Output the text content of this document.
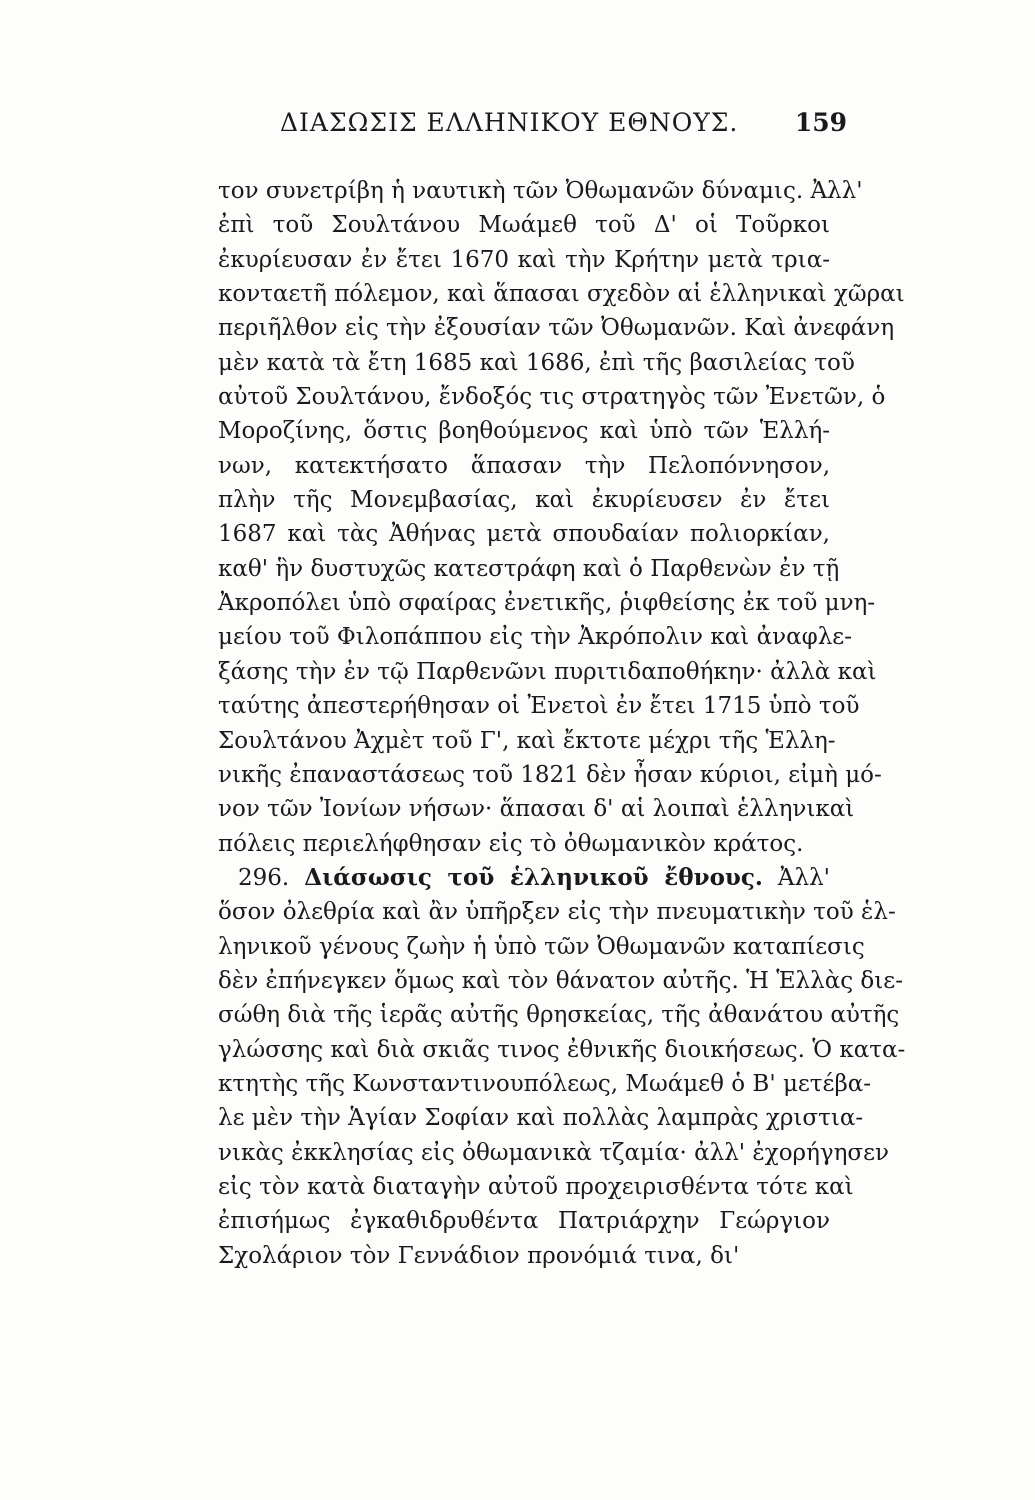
ΔΙΑΣΩΣΙΣ ΕΛΛΗΝΙΚΟΥ ΕΘΝΟΥΣ.	159
τον συνετρίβη ἡ ναυτικὴ τῶν Ὀθωμανῶν δύναμις. Ἀλλ'
ἐπὶ τοῦ Σουλτάνου Μωάμεθ τοῦ Δ' οἱ Τοῦρκοι
ἐκυρίευσαν ἐν ἔτει 1670 καὶ τὴν Κρήτην μετὰ τρια-
κονταετῆ πόλεμον, καὶ ἅπασαι σχεδὸν αἱ ἑλληνικαὶ χῶραι
περιῆλθον εἰς τὴν ἐξουσίαν τῶν Ὀθωμανῶν. Καὶ ἀνεφάνη
μὲν κατὰ τὰ ἔτη 1685 καὶ 1686, ἐπὶ τῆς βασιλείας τοῦ
αὐτοῦ Σουλτάνου, ἔνδοξός τις στρατηγὸς τῶν Ἐνετῶν, ὁ
Μοροζίνης, ὅστις βοηθούμενος καὶ ὑπὸ τῶν Ἑλλή-
νων, κατεκτήσατο ἅπασαν τὴν Πελοπόννησον,
πλὴν τῆς Μονεμβασίας, καὶ ἐκυρίευσεν ἐν ἔτει
1687 καὶ τὰς Ἀθήνας μετὰ σπουδαίαν πολιορκίαν,
καθ' ἣν δυστυχῶς κατεστράφη καὶ ὁ Παρθενὼν ἐν τῇ
Ἀκροπόλει ὑπὸ σφαίρας ἐνετικῆς, ῥιφθείσης ἐκ τοῦ μνη-
μείου τοῦ Φιλοπάππου εἰς τὴν Ἀκρόπολιν καὶ ἀναφλε-
ξάσης τὴν ἐν τῷ Παρθενῶνι πυριτιδαποθήκην· ἀλλὰ καὶ
ταύτης ἀπεστερήθησαν οἱ Ἐνετοὶ ἐν ἔτει 1715 ὑπὸ τοῦ
Σουλτάνου Ἀχμὲτ τοῦ Γ', καὶ ἔκτοτε μέχρι τῆς Ἑλλη-
νικῆς ἐπαναστάσεως τοῦ 1821 δὲν ἦσαν κύριοι, εἰμὴ μό-
νον τῶν Ἰονίων νήσων· ἅπασαι δ' αἱ λοιπαὶ ἑλληνικαὶ
πόλεις περιελήφθησαν εἰς τὸ ὀθωμανικὸν κράτος.
296. Διάσωσις τοῦ ἑλληνικοῦ ἔθνους. Ἀλλ'
ὅσον ὀλεθρία καὶ ἂν ὑπῆρξεν εἰς τὴν πνευματικὴν τοῦ ἑλ-
ληνικοῦ γένους ζωὴν ἡ ὑπὸ τῶν Ὀθωμανῶν καταπίεσις
δὲν ἐπήνεγκεν ὅμως καὶ τὸν θάνατον αὐτῆς. Ἡ Ἑλλὰς διε-
σώθη διὰ τῆς ἱερᾶς αὐτῆς θρησκείας, τῆς ἀθανάτου αὐτῆς
γλώσσης καὶ διὰ σκιᾶς τινος ἐθνικῆς διοικήσεως. Ὁ κατα-
κτητὴς τῆς Κωνσταντινουπόλεως, Μωάμεθ ὁ Β' μετέβα-
λε μὲν τὴν Ἁγίαν Σοφίαν καὶ πολλὰς λαμπρὰς χριστια-
νικὰς ἐκκλησίας εἰς ὀθωμανικὰ τζαμία· ἀλλ' ἐχορήγησεν
εἰς τὸν κατὰ διαταγὴν αὐτοῦ προχειρισθέντα τότε καὶ
ἐπισήμως ἐγκαθιδρυθέντα Πατριάρχην Γεώργιον
Σχολάριον τὸν Γεννάδιον προνόμιά τινα, δι'
